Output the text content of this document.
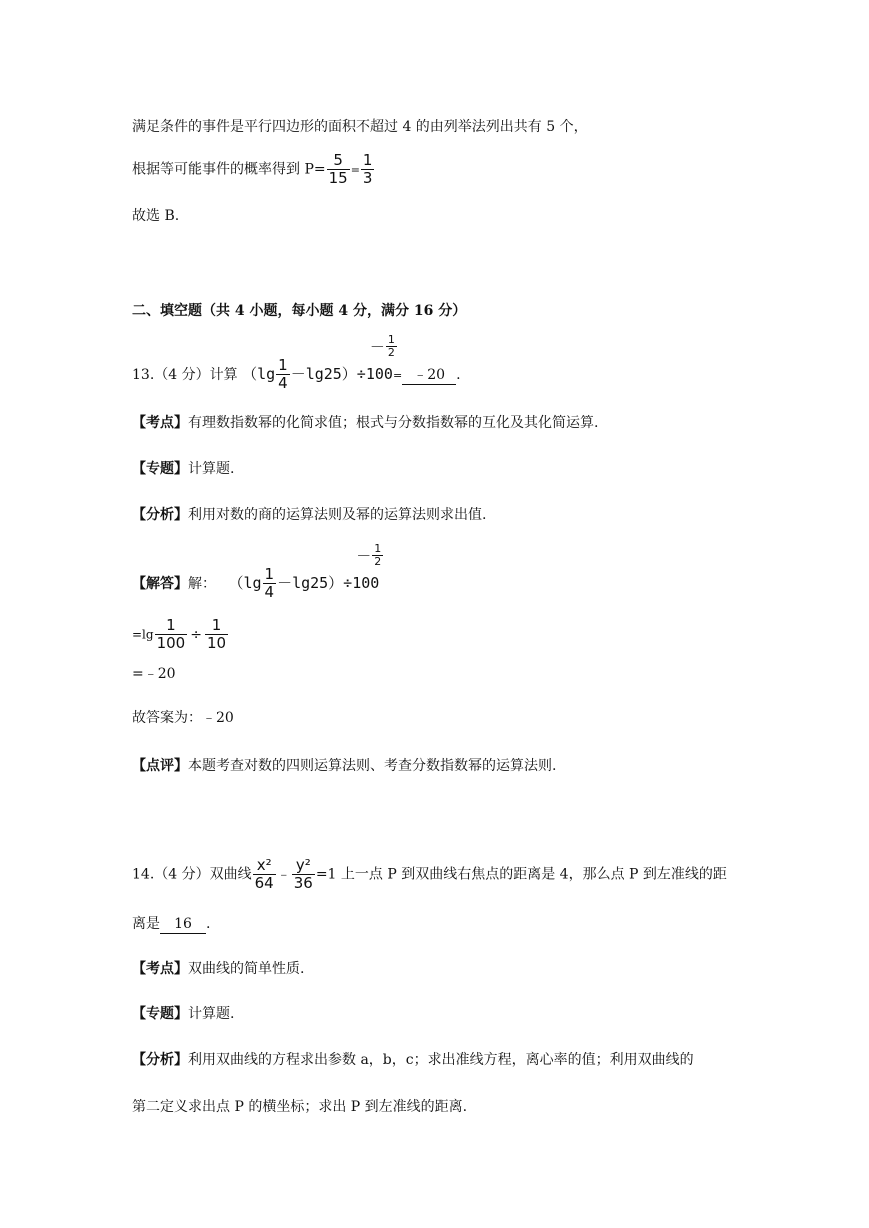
满足条件的事件是平行四边形的面积不超过 4 的由列举法列出共有 5 个，
根据等可能事件的概率得到 $P= \frac{5}{15} = \frac{1}{3}$
故选 B.
二、填空题（共 4 小题，每小题 4 分，满分 16 分）
13.（4 分）计算 $(\lg \frac{1}{4} -\lg 25)\div 100$
－ $\frac{1}{2}$
= ﹣20 .
【考点】有理数指数幂的化简求值；根式与分数指数幂的互化及其化简运算.
【专题】计算题.
【分析】利用对数的商的运算法则及幂的运算法则求出值.
【解答】解： $(\lg \frac{1}{4} -\lg 25)\div 100$
－ $\frac{1}{2}$
$=\lg \frac{1}{100} \div \frac{1}{10}$
=﹣20
故答案为：﹣20
【点评】本题考查对数的四则运算法则、考查分数指数幂的运算法则.
14.（4 分）双曲线 $\frac{\text{x²}}{64}$ ﹣ $\frac{\text{y²}}{36} =1$ 上一点 P 到双曲线右焦点的距离是 4，那么点 P 到左准线的距
离是 16 .
【考点】双曲线的简单性质.
【专题】计算题.
【分析】利用双曲线的方程求出参数 a，b，c；求出准线方程，离心率的值；利用双曲线的
第二定义求出点 P 的横坐标；求出 P 到左准线的距离.
